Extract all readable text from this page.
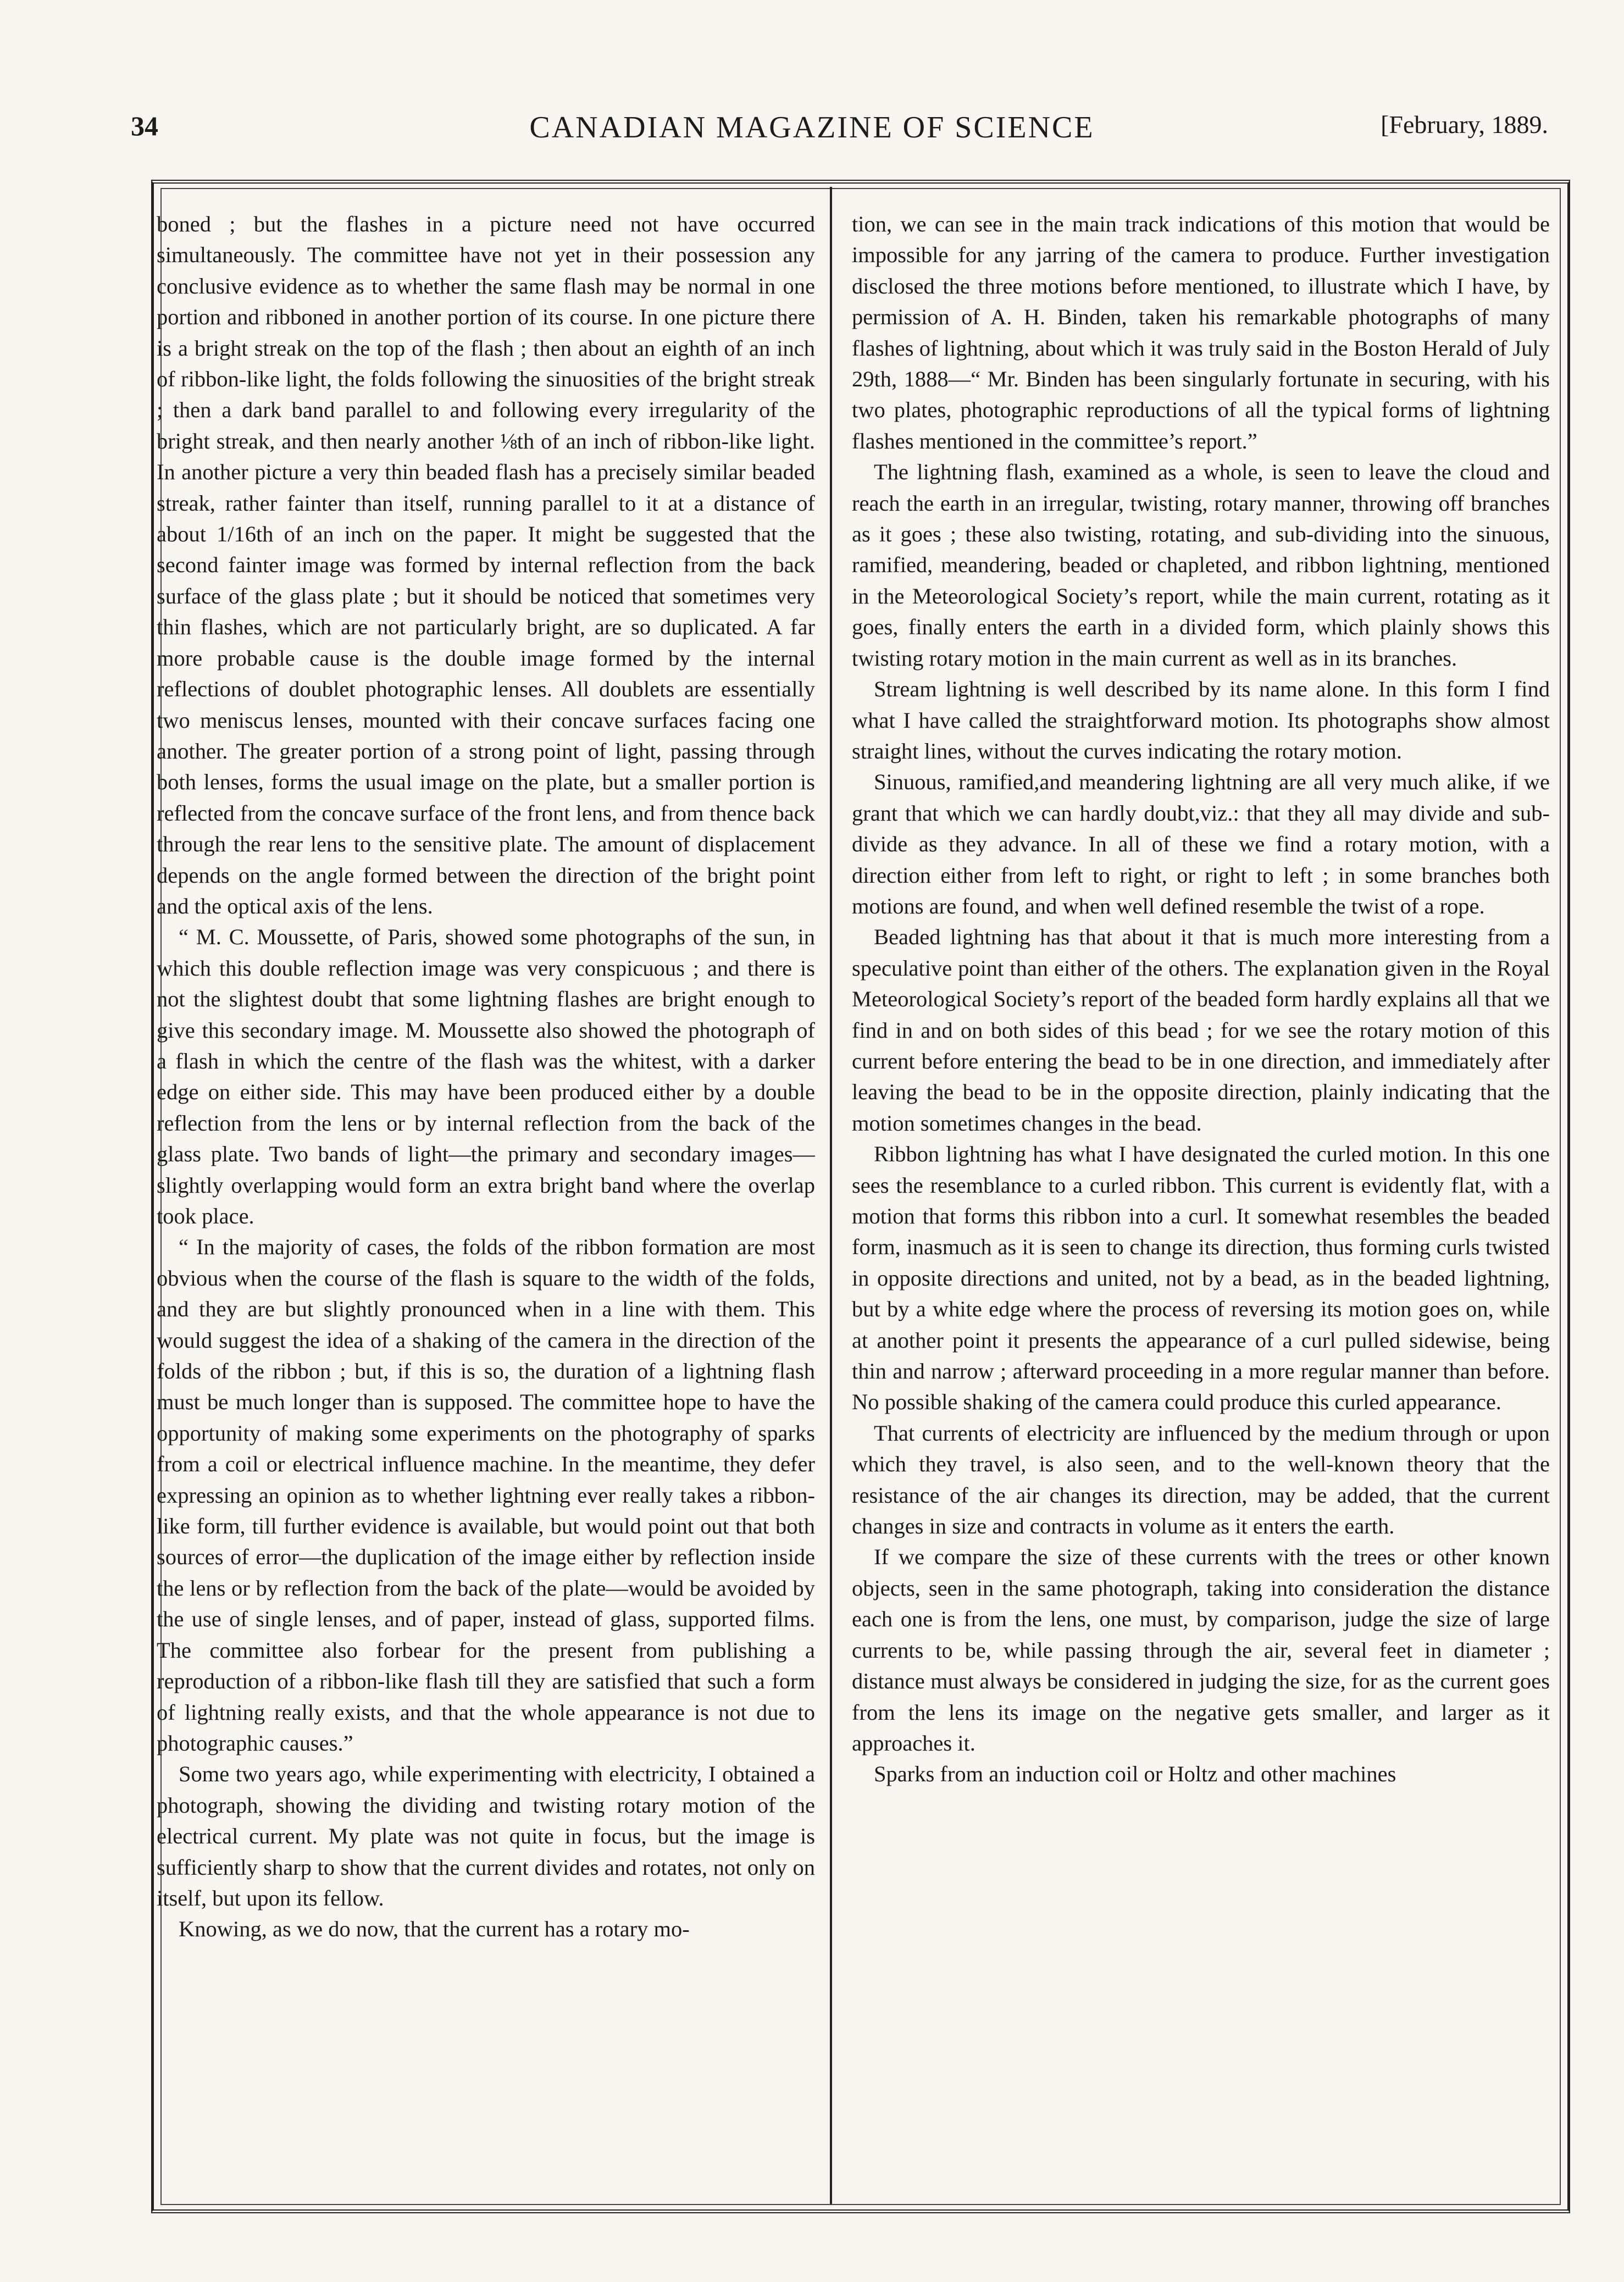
34	CANADIAN MAGAZINE OF SCIENCE	[February, 1889.

boned ; but the flashes in a picture need not have occurred simultaneously. The committee have not yet in their possession any conclusive evidence as to whether the same flash may be normal in one portion and ribboned in another portion of its course. In one picture there is a bright streak on the top of the flash ; then about an eighth of an inch of ribbon-like light, the folds following the sinuosities of the bright streak ; then a dark band parallel to and following every irregularity of the bright streak, and then nearly another ⅛th of an inch of ribbon-like light. In another picture a very thin beaded flash has a precisely similar beaded streak, rather fainter than itself, running parallel to it at a distance of about 1/16th of an inch on the paper. It might be suggested that the second fainter image was formed by internal reflection from the back surface of the glass plate ; but it should be noticed that sometimes very thin flashes, which are not particularly bright, are so duplicated. A far more probable cause is the double image formed by the internal reflections of doublet photographic lenses. All doublets are essentially two meniscus lenses, mounted with their concave surfaces facing one another. The greater portion of a strong point of light, passing through both lenses, forms the usual image on the plate, but a smaller portion is reflected from the concave surface of the front lens, and from thence back through the rear lens to the sensitive plate. The amount of displacement depends on the angle formed between the direction of the bright point and the optical axis of the lens.

“ M. C. Moussette, of Paris, showed some photographs of the sun, in which this double reflection image was very conspicuous ; and there is not the slightest doubt that some lightning flashes are bright enough to give this secondary image. M. Moussette also showed the photograph of a flash in which the centre of the flash was the whitest, with a darker edge on either side. This may have been produced either by a double reflection from the lens or by internal reflection from the back of the glass plate. Two bands of light—the primary and secondary images—slightly overlapping would form an extra bright band where the overlap took place.

“ In the majority of cases, the folds of the ribbon formation are most obvious when the course of the flash is square to the width of the folds, and they are but slightly pronounced when in a line with them. This would suggest the idea of a shaking of the camera in the direction of the folds of the ribbon ; but, if this is so, the duration of a lightning flash must be much longer than is supposed. The committee hope to have the opportunity of making some experiments on the photography of sparks from a coil or electrical influence machine. In the meantime, they defer expressing an opinion as to whether lightning ever really takes a ribbon-like form, till further evidence is available, but would point out that both sources of error—the duplication of the image either by reflection inside the lens or by reflection from the back of the plate—would be avoided by the use of single lenses, and of paper, instead of glass, supported films. The committee also forbear for the present from publishing a reproduction of a ribbon-like flash till they are satisfied that such a form of lightning really exists, and that the whole appearance is not due to photographic causes.”

Some two years ago, while experimenting with electricity, I obtained a photograph, showing the dividing and twisting rotary motion of the electrical current. My plate was not quite in focus, but the image is sufficiently sharp to show that the current divides and rotates, not only on itself, but upon its fellow.

Knowing, as we do now, that the current has a rotary mo-

tion, we can see in the main track indications of this motion that would be impossible for any jarring of the camera to produce. Further investigation disclosed the three motions before mentioned, to illustrate which I have, by permission of A. H. Binden, taken his remarkable photographs of many flashes of lightning, about which it was truly said in the Boston Herald of July 29th, 1888—“ Mr. Binden has been singularly fortunate in securing, with his two plates, photographic reproductions of all the typical forms of lightning flashes mentioned in the committee’s report.”

The lightning flash, examined as a whole, is seen to leave the cloud and reach the earth in an irregular, twisting, rotary manner, throwing off branches as it goes ; these also twisting, rotating, and sub-dividing into the sinuous, ramified, meandering, beaded or chapleted, and ribbon lightning, mentioned in the Meteorological Society’s report, while the main current, rotating as it goes, finally enters the earth in a divided form, which plainly shows this twisting rotary motion in the main current as well as in its branches.

Stream lightning is well described by its name alone. In this form I find what I have called the straightforward motion. Its photographs show almost straight lines, without the curves indicating the rotary motion.

Sinuous, ramified,and meandering lightning are all very much alike, if we grant that which we can hardly doubt,viz.: that they all may divide and sub-divide as they advance. In all of these we find a rotary motion, with a direction either from left to right, or right to left ; in some branches both motions are found, and when well defined resemble the twist of a rope.

Beaded lightning has that about it that is much more interesting from a speculative point than either of the others. The explanation given in the Royal Meteorological Society’s report of the beaded form hardly explains all that we find in and on both sides of this bead ; for we see the rotary motion of this current before entering the bead to be in one direction, and immediately after leaving the bead to be in the opposite direction, plainly indicating that the motion sometimes changes in the bead.

Ribbon lightning has what I have designated the curled motion. In this one sees the resemblance to a curled ribbon. This current is evidently flat, with a motion that forms this ribbon into a curl. It somewhat resembles the beaded form, inasmuch as it is seen to change its direction, thus forming curls twisted in opposite directions and united, not by a bead, as in the beaded lightning, but by a white edge where the process of reversing its motion goes on, while at another point it presents the appearance of a curl pulled sidewise, being thin and narrow ; afterward proceeding in a more regular manner than before. No possible shaking of the camera could produce this curled appearance.

That currents of electricity are influenced by the medium through or upon which they travel, is also seen, and to the well-known theory that the resistance of the air changes its direction, may be added, that the current changes in size and contracts in volume as it enters the earth.

If we compare the size of these currents with the trees or other known objects, seen in the same photograph, taking into consideration the distance each one is from the lens, one must, by comparison, judge the size of large currents to be, while passing through the air, several feet in diameter ; distance must always be considered in judging the size, for as the current goes from the lens its image on the negative gets smaller, and larger as it approaches it.

Sparks from an induction coil or Holtz and other machines
